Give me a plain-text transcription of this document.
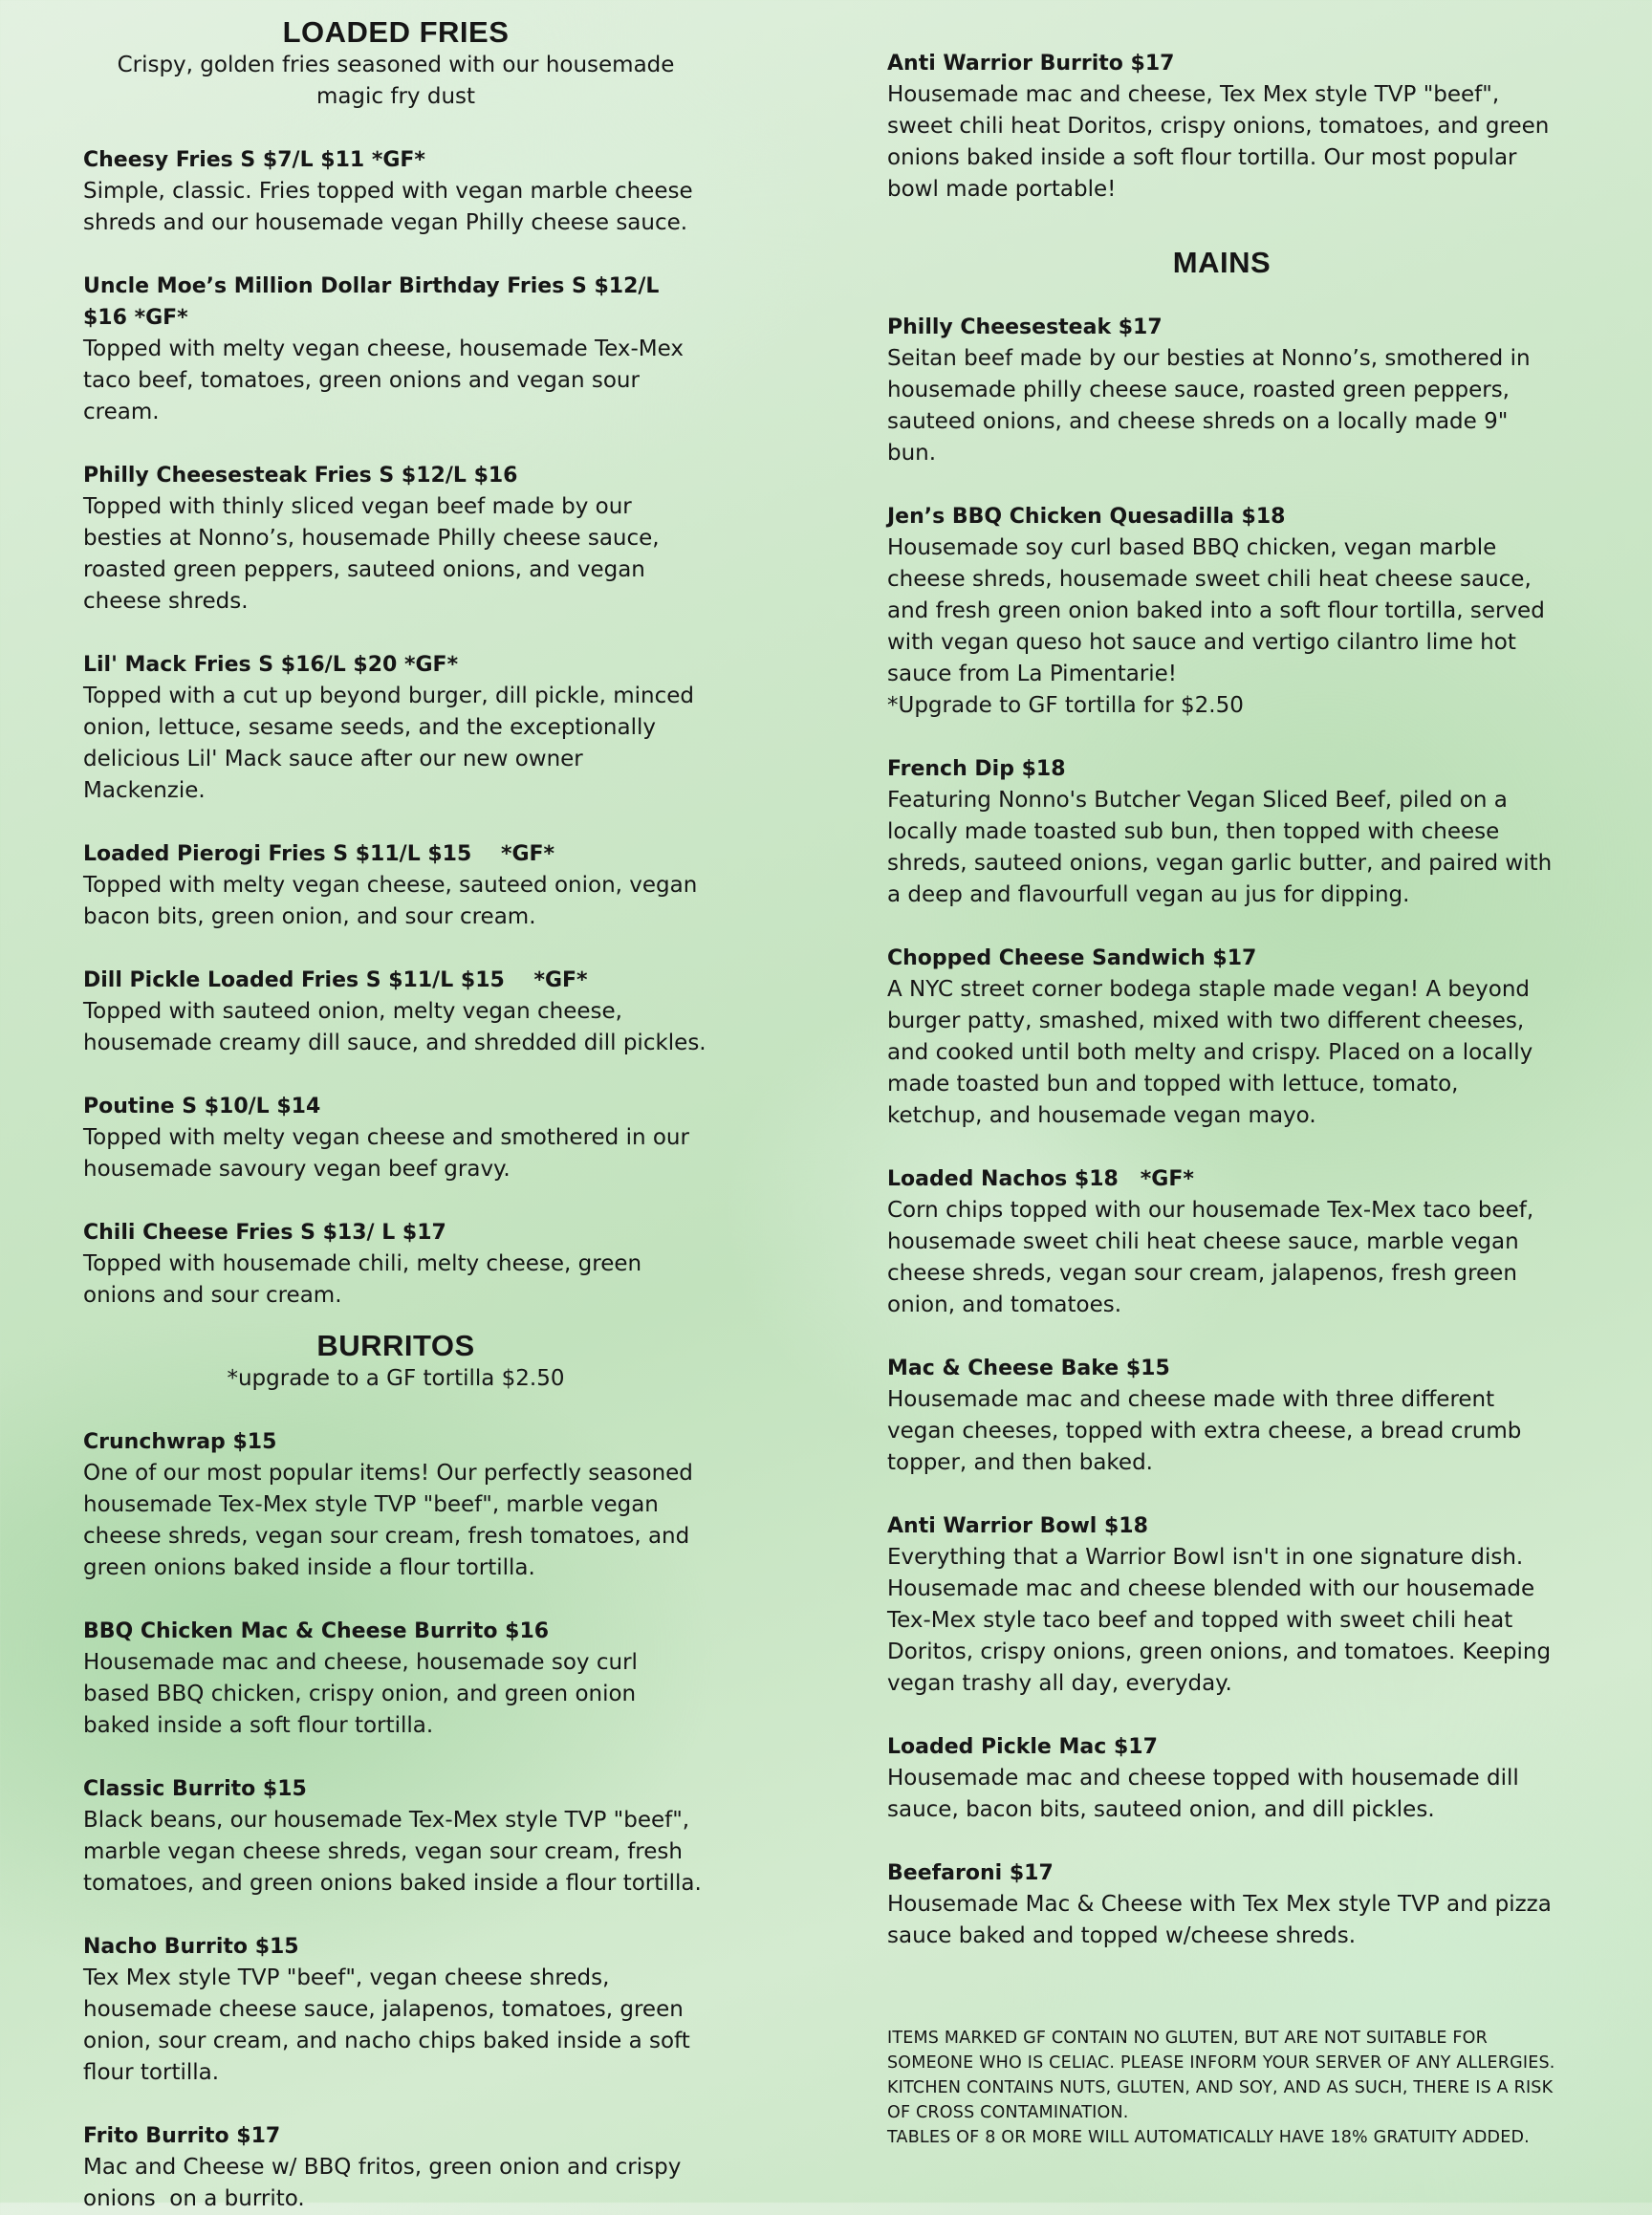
LOADED FRIES

Crispy, golden fries seasoned with our housemade magic fry dust

Cheesy Fries S $7/L $11 *GF*
Simple, classic. Fries topped with vegan marble cheese shreds and our housemade vegan Philly cheese sauce.
Uncle Moe’s Million Dollar Birthday Fries S $12/L $16 *GF*
Topped with melty vegan cheese, housemade Tex-Mex taco beef, tomatoes, green onions and vegan sour cream.
Philly Cheesesteak Fries S $12/L $16
Topped with thinly sliced vegan beef made by our besties at Nonno’s, housemade Philly cheese sauce, roasted green peppers, sauteed onions, and vegan cheese shreds.
Lil' Mack Fries S $16/L $20 *GF*
Topped with a cut up beyond burger, dill pickle, minced onion, lettuce, sesame seeds, and the exceptionally delicious Lil' Mack sauce after our new owner Mackenzie.
Loaded Pierogi Fries S $11/L $15    *GF*
Topped with melty vegan cheese, sauteed onion, vegan bacon bits, green onion, and sour cream.
Dill Pickle Loaded Fries S $11/L $15    *GF*
Topped with sauteed onion, melty vegan cheese, housemade creamy dill sauce, and shredded dill pickles.
Poutine S $10/L $14
Topped with melty vegan cheese and smothered in our housemade savoury vegan beef gravy.
Chili Cheese Fries S $13/ L $17
Topped with housemade chili, melty cheese, green onions and sour cream.
BURRITOS

*upgrade to a GF tortilla $2.50

Crunchwrap $15
One of our most popular items! Our perfectly seasoned housemade Tex-Mex style TVP "beef", marble vegan cheese shreds, vegan sour cream, fresh tomatoes, and green onions baked inside a flour tortilla.
BBQ Chicken Mac & Cheese Burrito $16
Housemade mac and cheese, housemade soy curl based BBQ chicken, crispy onion, and green onion baked inside a soft flour tortilla.
Classic Burrito $15
Black beans, our housemade Tex-Mex style TVP "beef", marble vegan cheese shreds, vegan sour cream, fresh tomatoes, and green onions baked inside a flour tortilla.
Nacho Burrito $15
Tex Mex style TVP "beef", vegan cheese shreds, housemade cheese sauce, jalapenos, tomatoes, green onion, sour cream, and nacho chips baked inside a soft flour tortilla.
Frito Burrito $17
Mac and Cheese w/ BBQ fritos, green onion and crispy onions  on a burrito.
Anti Warrior Burrito $17
Housemade mac and cheese, Tex Mex style TVP "beef", sweet chili heat Doritos, crispy onions, tomatoes, and green onions baked inside a soft flour tortilla. Our most popular bowl made portable!
MAINS
Philly Cheesesteak $17
Seitan beef made by our besties at Nonno’s, smothered in housemade philly cheese sauce, roasted green peppers, sauteed onions, and cheese shreds on a locally made 9" bun.
Jen’s BBQ Chicken Quesadilla $18
Housemade soy curl based BBQ chicken, vegan marble cheese shreds, housemade sweet chili heat cheese sauce, and fresh green onion baked into a soft flour tortilla, served with vegan queso hot sauce and vertigo cilantro lime hot sauce from La Pimentarie!
*Upgrade to GF tortilla for $2.50
French Dip $18
Featuring Nonno's Butcher Vegan Sliced Beef, piled on a locally made toasted sub bun, then topped with cheese shreds, sauteed onions, vegan garlic butter, and paired with a deep and flavourfull vegan au jus for dipping.
Chopped Cheese Sandwich $17
A NYC street corner bodega staple made vegan! A beyond burger patty, smashed, mixed with two different cheeses, and cooked until both melty and crispy. Placed on a locally made toasted bun and topped with lettuce, tomato, ketchup, and housemade vegan mayo.
Loaded Nachos $18   *GF*
Corn chips topped with our housemade Tex-Mex taco beef, housemade sweet chili heat cheese sauce, marble vegan cheese shreds, vegan sour cream, jalapenos, fresh green onion, and tomatoes.
Mac & Cheese Bake $15
Housemade mac and cheese made with three different vegan cheeses, topped with extra cheese, a bread crumb topper, and then baked.
Anti Warrior Bowl $18
Everything that a Warrior Bowl isn't in one signature dish. Housemade mac and cheese blended with our housemade Tex-Mex style taco beef and topped with sweet chili heat Doritos, crispy onions, green onions, and tomatoes. Keeping vegan trashy all day, everyday.
Loaded Pickle Mac $17
Housemade mac and cheese topped with housemade dill sauce, bacon bits, sauteed onion, and dill pickles.
Beefaroni $17
Housemade Mac & Cheese with Tex Mex style TVP and pizza sauce baked and topped w/cheese shreds.
ITEMS MARKED GF CONTAIN NO GLUTEN, BUT ARE NOT SUITABLE FOR SOMEONE WHO IS CELIAC. PLEASE INFORM YOUR SERVER OF ANY ALLERGIES. KITCHEN CONTAINS NUTS, GLUTEN, AND SOY, AND AS SUCH, THERE IS A RISK OF CROSS CONTAMINATION.
TABLES OF 8 OR MORE WILL AUTOMATICALLY HAVE 18% GRATUITY ADDED.
